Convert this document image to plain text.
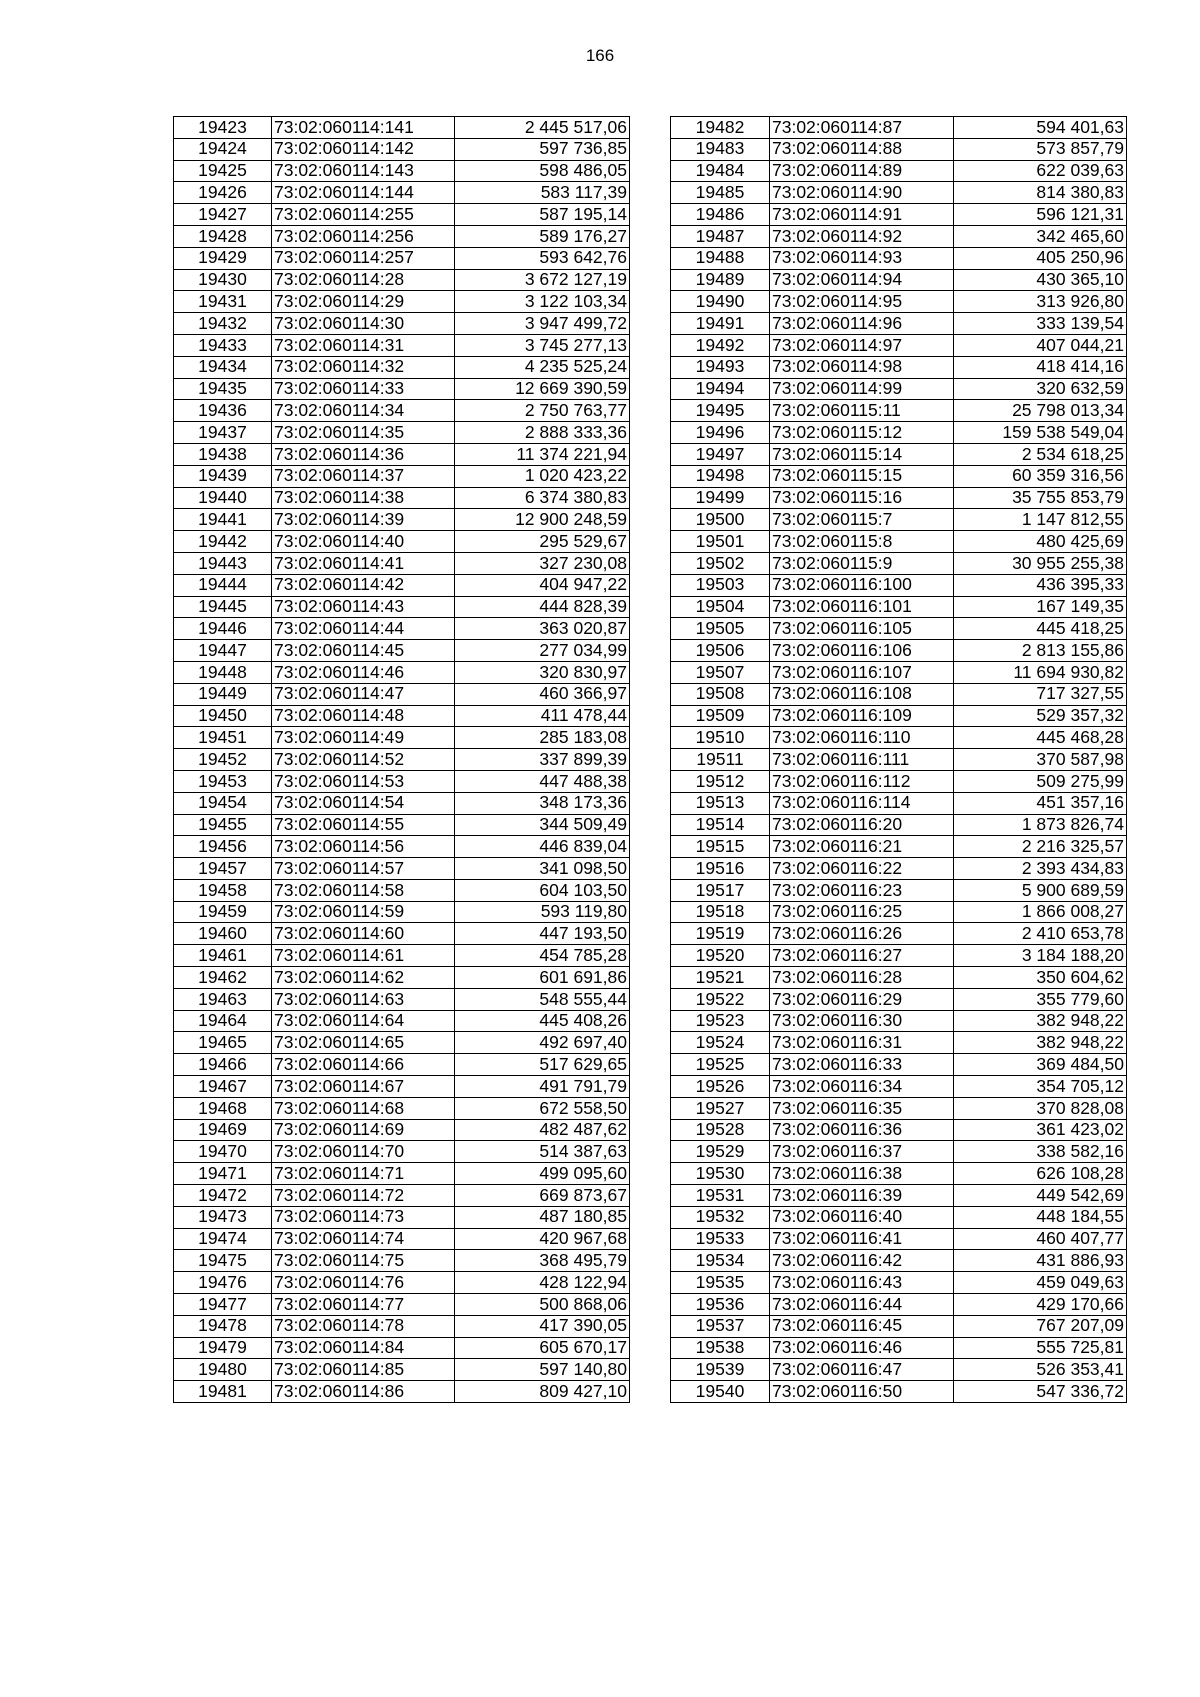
166
19423	73:02:060114:141	2 445 517,06
19424	73:02:060114:142	597 736,85
19425	73:02:060114:143	598 486,05
19426	73:02:060114:144	583 117,39
19427	73:02:060114:255	587 195,14
19428	73:02:060114:256	589 176,27
19429	73:02:060114:257	593 642,76
19430	73:02:060114:28	3 672 127,19
19431	73:02:060114:29	3 122 103,34
19432	73:02:060114:30	3 947 499,72
19433	73:02:060114:31	3 745 277,13
19434	73:02:060114:32	4 235 525,24
19435	73:02:060114:33	12 669 390,59
19436	73:02:060114:34	2 750 763,77
19437	73:02:060114:35	2 888 333,36
19438	73:02:060114:36	11 374 221,94
19439	73:02:060114:37	1 020 423,22
19440	73:02:060114:38	6 374 380,83
19441	73:02:060114:39	12 900 248,59
19442	73:02:060114:40	295 529,67
19443	73:02:060114:41	327 230,08
19444	73:02:060114:42	404 947,22
19445	73:02:060114:43	444 828,39
19446	73:02:060114:44	363 020,87
19447	73:02:060114:45	277 034,99
19448	73:02:060114:46	320 830,97
19449	73:02:060114:47	460 366,97
19450	73:02:060114:48	411 478,44
19451	73:02:060114:49	285 183,08
19452	73:02:060114:52	337 899,39
19453	73:02:060114:53	447 488,38
19454	73:02:060114:54	348 173,36
19455	73:02:060114:55	344 509,49
19456	73:02:060114:56	446 839,04
19457	73:02:060114:57	341 098,50
19458	73:02:060114:58	604 103,50
19459	73:02:060114:59	593 119,80
19460	73:02:060114:60	447 193,50
19461	73:02:060114:61	454 785,28
19462	73:02:060114:62	601 691,86
19463	73:02:060114:63	548 555,44
19464	73:02:060114:64	445 408,26
19465	73:02:060114:65	492 697,40
19466	73:02:060114:66	517 629,65
19467	73:02:060114:67	491 791,79
19468	73:02:060114:68	672 558,50
19469	73:02:060114:69	482 487,62
19470	73:02:060114:70	514 387,63
19471	73:02:060114:71	499 095,60
19472	73:02:060114:72	669 873,67
19473	73:02:060114:73	487 180,85
19474	73:02:060114:74	420 967,68
19475	73:02:060114:75	368 495,79
19476	73:02:060114:76	428 122,94
19477	73:02:060114:77	500 868,06
19478	73:02:060114:78	417 390,05
19479	73:02:060114:84	605 670,17
19480	73:02:060114:85	597 140,80
19481	73:02:060114:86	809 427,10
19482	73:02:060114:87	594 401,63
19483	73:02:060114:88	573 857,79
19484	73:02:060114:89	622 039,63
19485	73:02:060114:90	814 380,83
19486	73:02:060114:91	596 121,31
19487	73:02:060114:92	342 465,60
19488	73:02:060114:93	405 250,96
19489	73:02:060114:94	430 365,10
19490	73:02:060114:95	313 926,80
19491	73:02:060114:96	333 139,54
19492	73:02:060114:97	407 044,21
19493	73:02:060114:98	418 414,16
19494	73:02:060114:99	320 632,59
19495	73:02:060115:11	25 798 013,34
19496	73:02:060115:12	159 538 549,04
19497	73:02:060115:14	2 534 618,25
19498	73:02:060115:15	60 359 316,56
19499	73:02:060115:16	35 755 853,79
19500	73:02:060115:7	1 147 812,55
19501	73:02:060115:8	480 425,69
19502	73:02:060115:9	30 955 255,38
19503	73:02:060116:100	436 395,33
19504	73:02:060116:101	167 149,35
19505	73:02:060116:105	445 418,25
19506	73:02:060116:106	2 813 155,86
19507	73:02:060116:107	11 694 930,82
19508	73:02:060116:108	717 327,55
19509	73:02:060116:109	529 357,32
19510	73:02:060116:110	445 468,28
19511	73:02:060116:111	370 587,98
19512	73:02:060116:112	509 275,99
19513	73:02:060116:114	451 357,16
19514	73:02:060116:20	1 873 826,74
19515	73:02:060116:21	2 216 325,57
19516	73:02:060116:22	2 393 434,83
19517	73:02:060116:23	5 900 689,59
19518	73:02:060116:25	1 866 008,27
19519	73:02:060116:26	2 410 653,78
19520	73:02:060116:27	3 184 188,20
19521	73:02:060116:28	350 604,62
19522	73:02:060116:29	355 779,60
19523	73:02:060116:30	382 948,22
19524	73:02:060116:31	382 948,22
19525	73:02:060116:33	369 484,50
19526	73:02:060116:34	354 705,12
19527	73:02:060116:35	370 828,08
19528	73:02:060116:36	361 423,02
19529	73:02:060116:37	338 582,16
19530	73:02:060116:38	626 108,28
19531	73:02:060116:39	449 542,69
19532	73:02:060116:40	448 184,55
19533	73:02:060116:41	460 407,77
19534	73:02:060116:42	431 886,93
19535	73:02:060116:43	459 049,63
19536	73:02:060116:44	429 170,66
19537	73:02:060116:45	767 207,09
19538	73:02:060116:46	555 725,81
19539	73:02:060116:47	526 353,41
19540	73:02:060116:50	547 336,72
